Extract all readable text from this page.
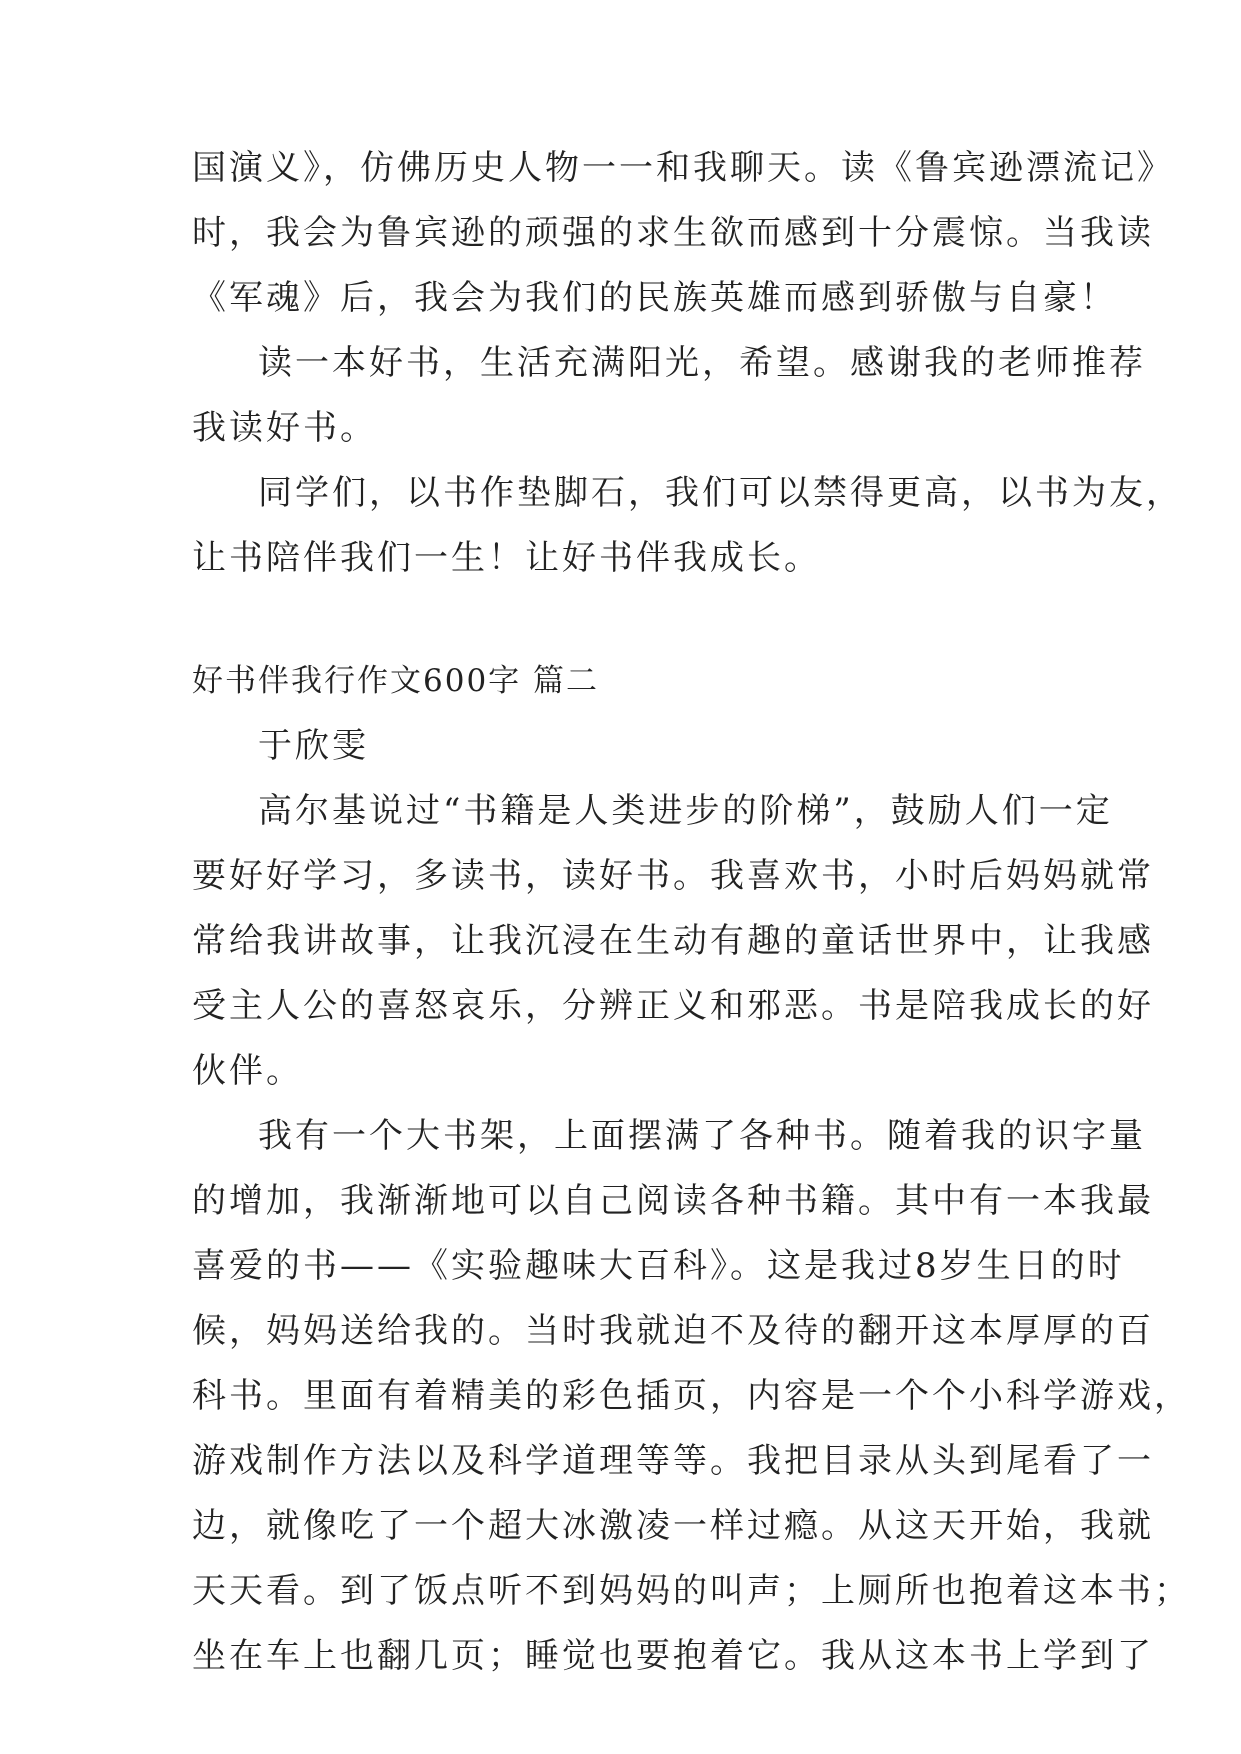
国演义》，仿佛历史人物一一和我聊天。读《鲁宾逊漂流记》
时，我会为鲁宾逊的顽强的求生欲而感到十分震惊。当我读
《军魂》后，我会为我们的民族英雄而感到骄傲与自豪！
读一本好书，生活充满阳光，希望。感谢我的老师推荐
我读好书。
同学们，以书作垫脚石，我们可以禁得更高，以书为友，
让书陪伴我们一生！让好书伴我成长。
好书伴我行作文600字 篇二
于欣雯
高尔基说过“书籍是人类进步的阶梯”，鼓励人们一定
要好好学习，多读书，读好书。我喜欢书，小时后妈妈就常
常给我讲故事，让我沉浸在生动有趣的童话世界中，让我感
受主人公的喜怒哀乐，分辨正义和邪恶。书是陪我成长的好
伙伴。
我有一个大书架，上面摆满了各种书。随着我的识字量
的增加，我渐渐地可以自己阅读各种书籍。其中有一本我最
喜爱的书——《实验趣味大百科》。这是我过8岁生日的时
候，妈妈送给我的。当时我就迫不及待的翻开这本厚厚的百
科书。里面有着精美的彩色插页，内容是一个个小科学游戏，
游戏制作方法以及科学道理等等。我把目录从头到尾看了一
边，就像吃了一个超大冰激凌一样过瘾。从这天开始，我就
天天看。到了饭点听不到妈妈的叫声；上厕所也抱着这本书；
坐在车上也翻几页；睡觉也要抱着它。我从这本书上学到了
